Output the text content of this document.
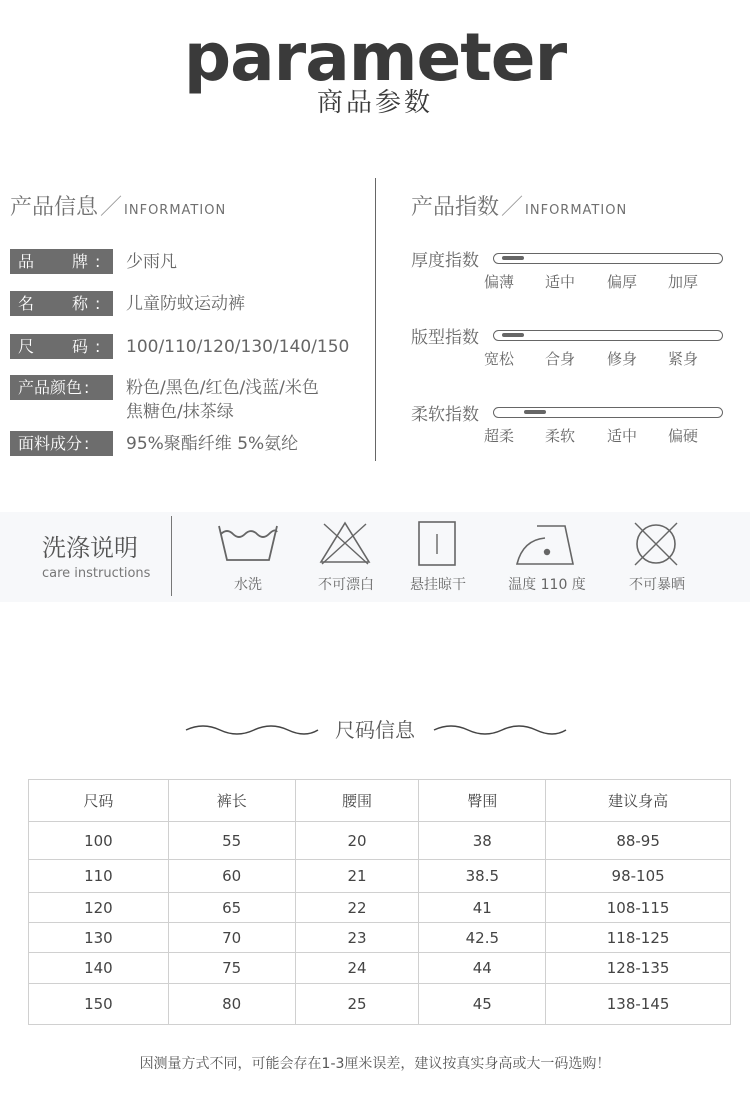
parameter
商品参数
产品信息／ INFORMATION
品 牌 : 少雨凡
名 称 : 儿童防蚊运动裤
尺 码 : 100/110/120/130/140/150
产品颜色 : 粉色/黑色/红色/浅蓝/米色
焦糖色/抹茶绿
面料成分 : 95%聚酯纤维 5%氨纶
产品指数／ INFORMATION
厚度指数
偏薄	适中	偏厚	加厚
版型指数
宽松	合身	修身	紧身
柔软指数
超柔	柔软	适中	偏硬
洗涤说明
care instructions
水洗	不可漂白	悬挂晾干	温度 110 度	不可暴晒
尺码信息
尺码	裤长	腰围	臀围	建议身高
100	55	20	38	88-95
110	60	21	38.5	98-105
120	65	22	41	108-115
130	70	23	42.5	118-125
140	75	24	44	128-135
150	80	25	45	138-145
因测量方式不同，可能会存在1-3厘米误差，建议按真实身高或大一码选购！
